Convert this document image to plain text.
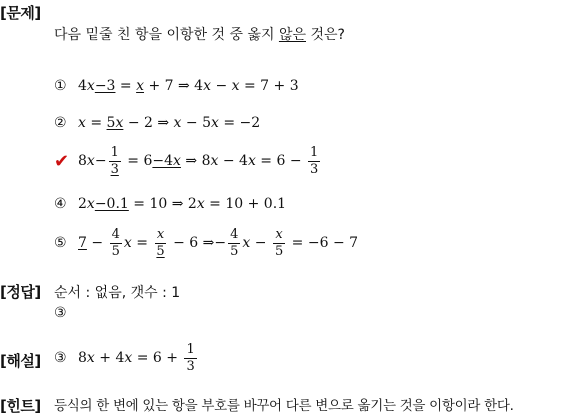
[문제]
다음 밑줄 친 항을 이항한 것 중 옳지 않은 것은?
① 4x−3 = x + 7 ⇒ 4x − x = 7 + 3
② x = 5x − 2 ⇒ x − 5x = −2
✔ $8x- \frac{1}{3} = 6-4x$ ⇒ $8x - 4x = 6 - \frac{1}{3}$
④ 2x−0.1 = 10 ⇒ 2x = 10 + 0.1
⑤ $7 - \frac{4}{5}$ $x = \frac{x}{5} - 6$ ⇒− $\frac{4}{5}$ $x - \frac{x}{5} = -6 - 7$
[정답] 순서 : 없음, 갯수 : 1
③
[해설] ③ $8x + 4x = 6 + \frac{1}{3}$
[힌트] 등식의 한 변에 있는 항을 부호를 바꾸어 다른 변으로 옮기는 것을 이항이라 한다.
